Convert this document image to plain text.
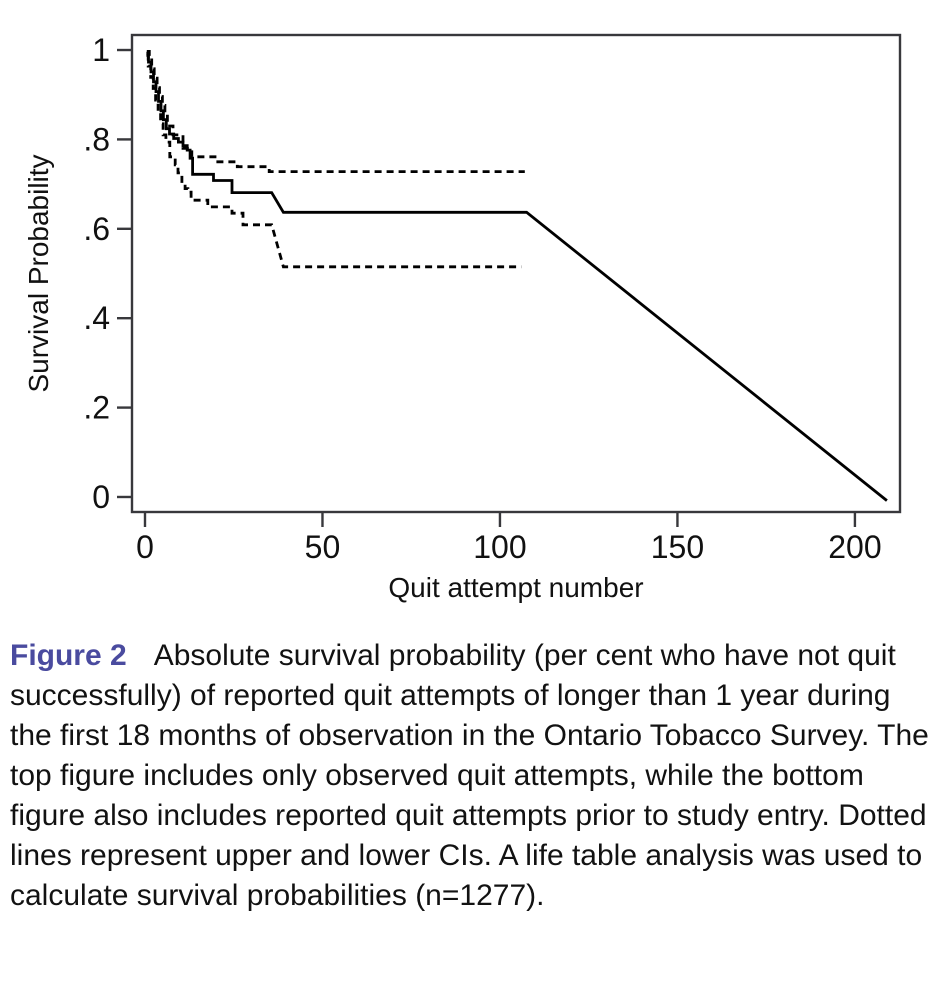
1
.8
.6
.4
.2
0
0	50	100	150	200
Quit attempt number
Survival Probability
Figure 2 Absolute survival probability (per cent who have not quit successfully) of reported quit attempts of longer than 1 year during the first 18 months of observation in the Ontario Tobacco Survey. The top figure includes only observed quit attempts, while the bottom figure also includes reported quit attempts prior to study entry. Dotted lines represent upper and lower CIs. A life table analysis was used to calculate survival probabilities (n=1277).
